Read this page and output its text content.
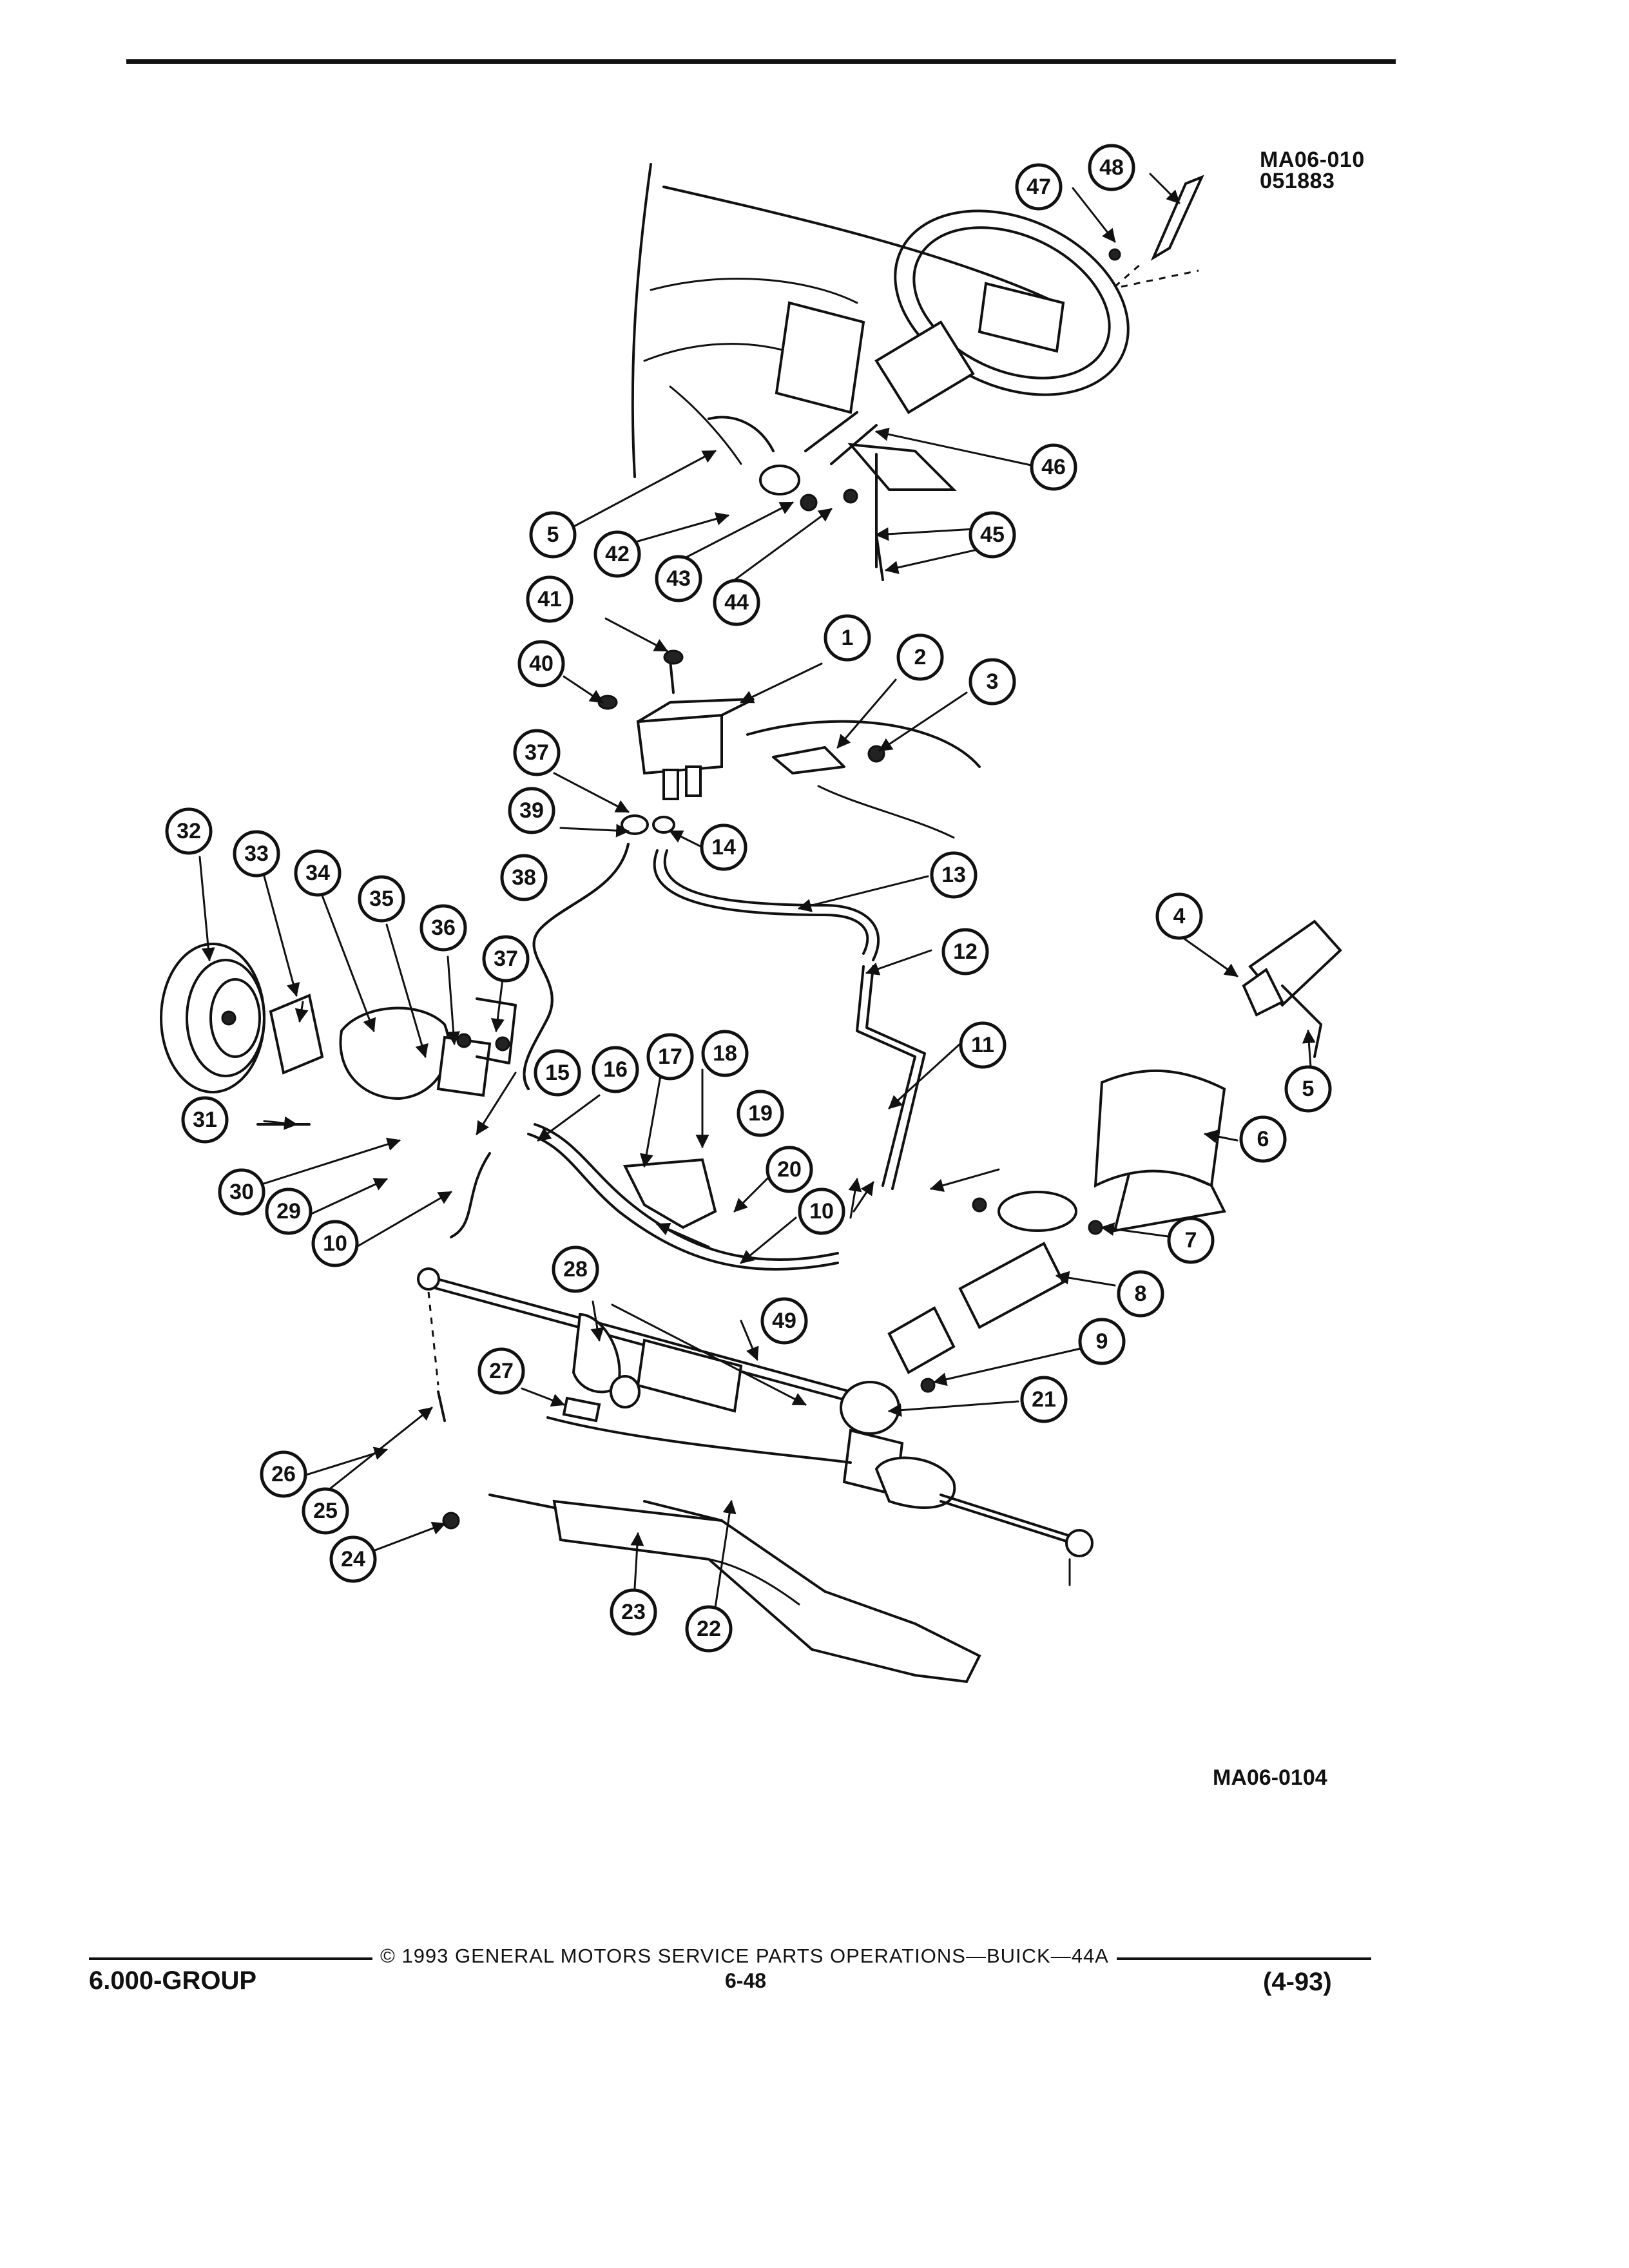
MA06-010
051883
1
2
3
4
5
5
6
7
8
9
10
10
11
12
13
14
15 16
17 18
19
20
21
22
23
24
25
26
27
28
29
30
31
32
33
34
35
36
37
37
38
39
40
41
42
43
44
45
46
47
48
49
MA06-0104
6.000-GROUP
© 1993 GENERAL MOTORS SERVICE PARTS OPERATIONS—BUICK—44A
6-48	(4-93)
